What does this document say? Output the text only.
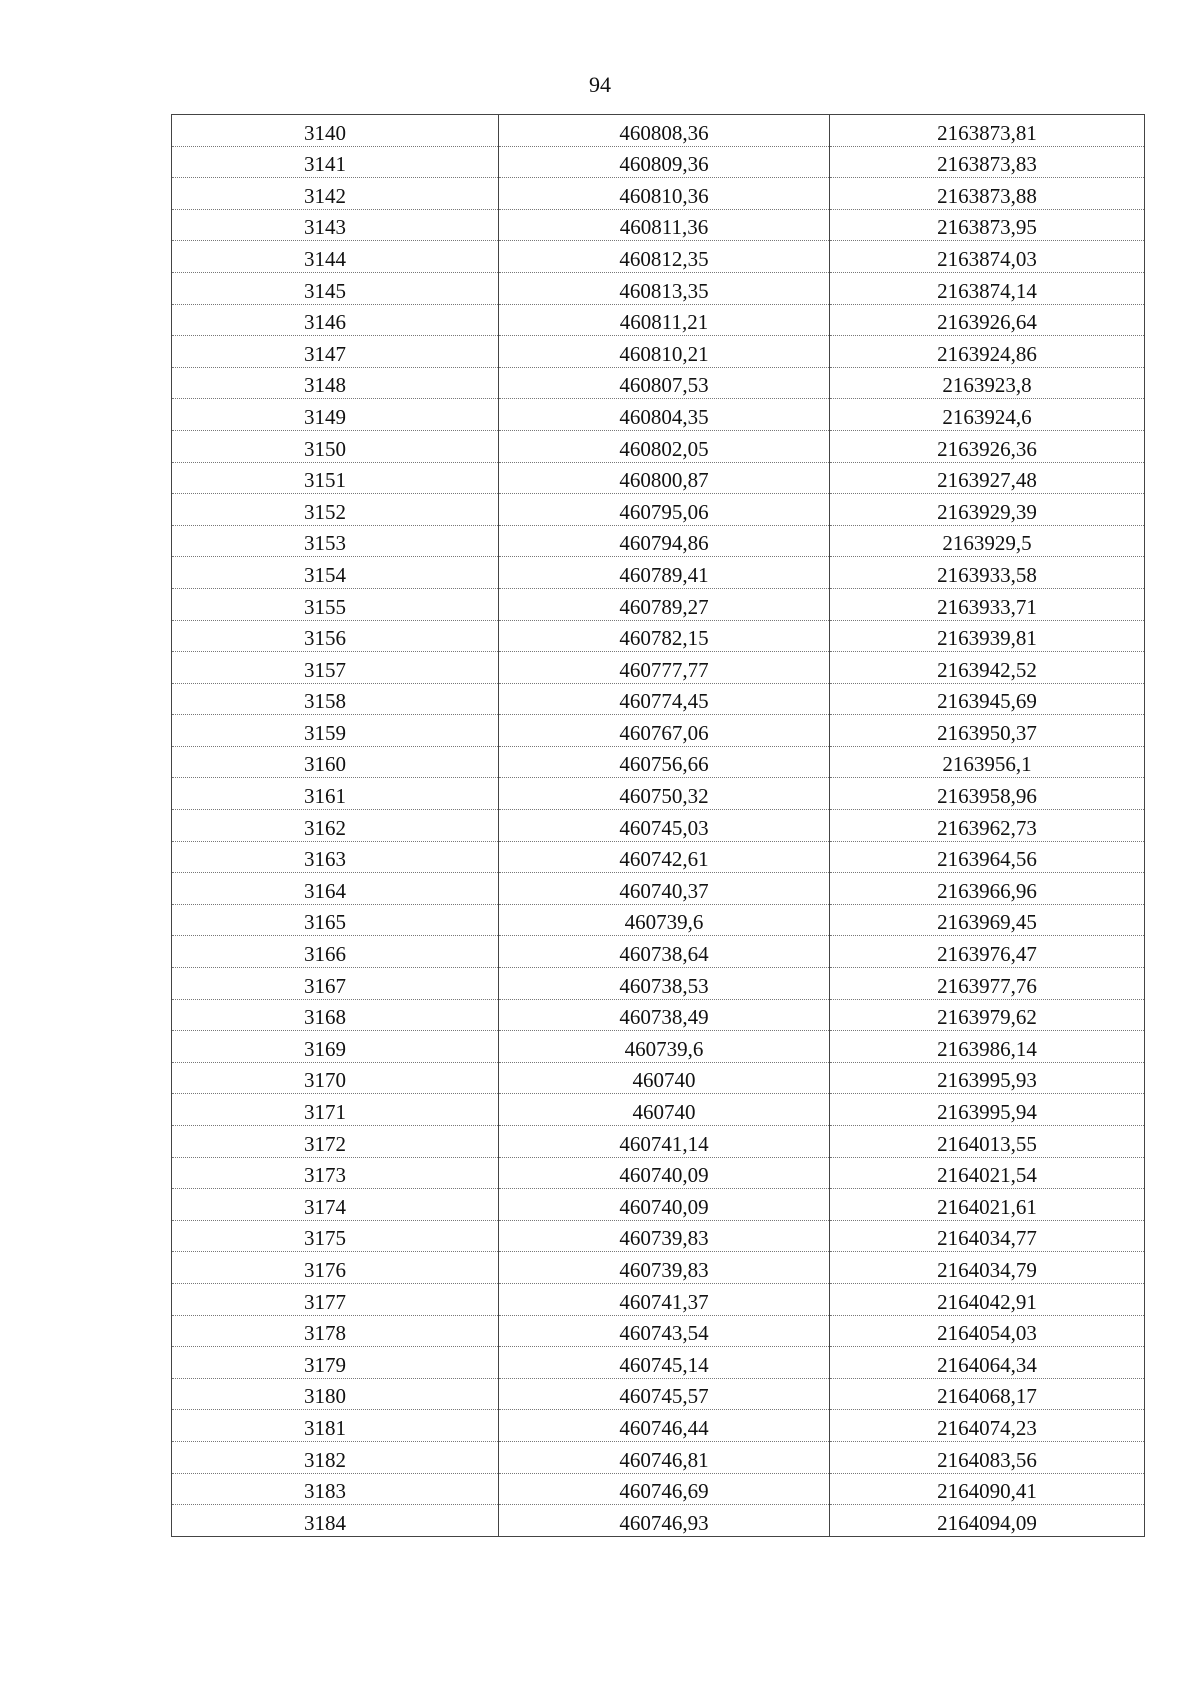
94
3140	460808,36	2163873,81
3141	460809,36	2163873,83
3142	460810,36	2163873,88
3143	460811,36	2163873,95
3144	460812,35	2163874,03
3145	460813,35	2163874,14
3146	460811,21	2163926,64
3147	460810,21	2163924,86
3148	460807,53	2163923,8
3149	460804,35	2163924,6
3150	460802,05	2163926,36
3151	460800,87	2163927,48
3152	460795,06	2163929,39
3153	460794,86	2163929,5
3154	460789,41	2163933,58
3155	460789,27	2163933,71
3156	460782,15	2163939,81
3157	460777,77	2163942,52
3158	460774,45	2163945,69
3159	460767,06	2163950,37
3160	460756,66	2163956,1
3161	460750,32	2163958,96
3162	460745,03	2163962,73
3163	460742,61	2163964,56
3164	460740,37	2163966,96
3165	460739,6	2163969,45
3166	460738,64	2163976,47
3167	460738,53	2163977,76
3168	460738,49	2163979,62
3169	460739,6	2163986,14
3170	460740	2163995,93
3171	460740	2163995,94
3172	460741,14	2164013,55
3173	460740,09	2164021,54
3174	460740,09	2164021,61
3175	460739,83	2164034,77
3176	460739,83	2164034,79
3177	460741,37	2164042,91
3178	460743,54	2164054,03
3179	460745,14	2164064,34
3180	460745,57	2164068,17
3181	460746,44	2164074,23
3182	460746,81	2164083,56
3183	460746,69	2164090,41
3184	460746,93	2164094,09
